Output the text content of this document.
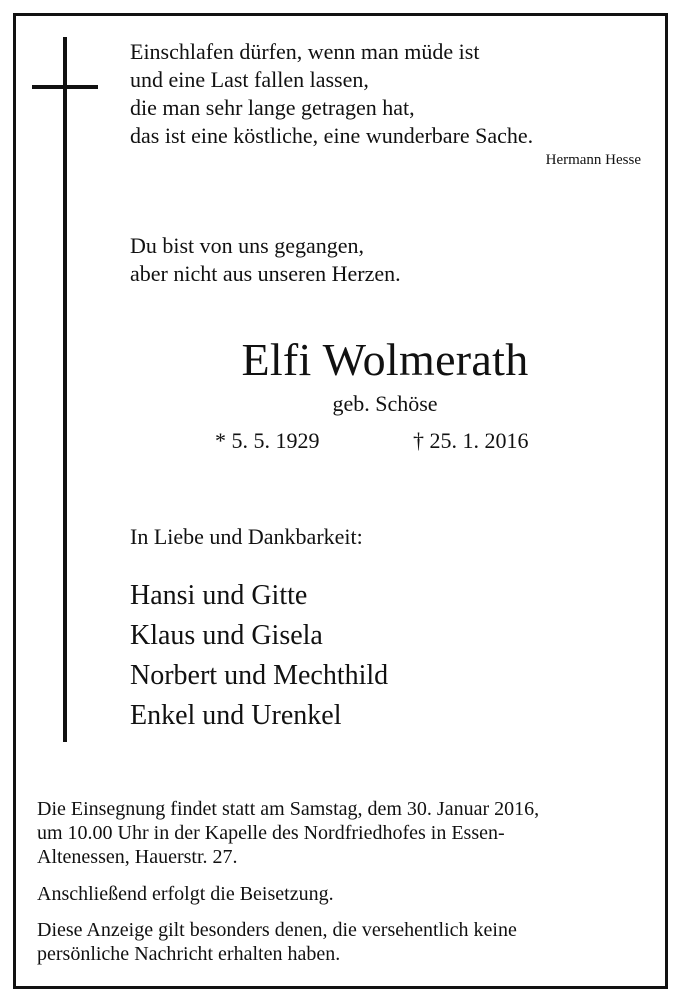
Einschlafen dürfen, wenn man müde ist
und eine Last fallen lassen,
die man sehr lange getragen hat,
das ist eine köstliche, eine wunderbare Sache.

Hermann Hesse
Du bist von uns gegangen,
aber nicht aus unseren Herzen.
Elfi Wolmerath
geb. Schöse
* 5. 5. 1929	† 25. 1. 2016
In Liebe und Dankbarkeit:
Hansi und Gitte
Klaus und Gisela
Norbert und Mechthild
Enkel und Urenkel

Die Einsegnung findet statt am Samstag, dem 30. Januar 2016,
um 10.00 Uhr in der Kapelle des Nordfriedhofes in Essen-
Altenessen, Hauerstr. 27.

Anschließend erfolgt die Beisetzung.

Diese Anzeige gilt besonders denen, die versehentlich keine
persönliche Nachricht erhalten haben.
